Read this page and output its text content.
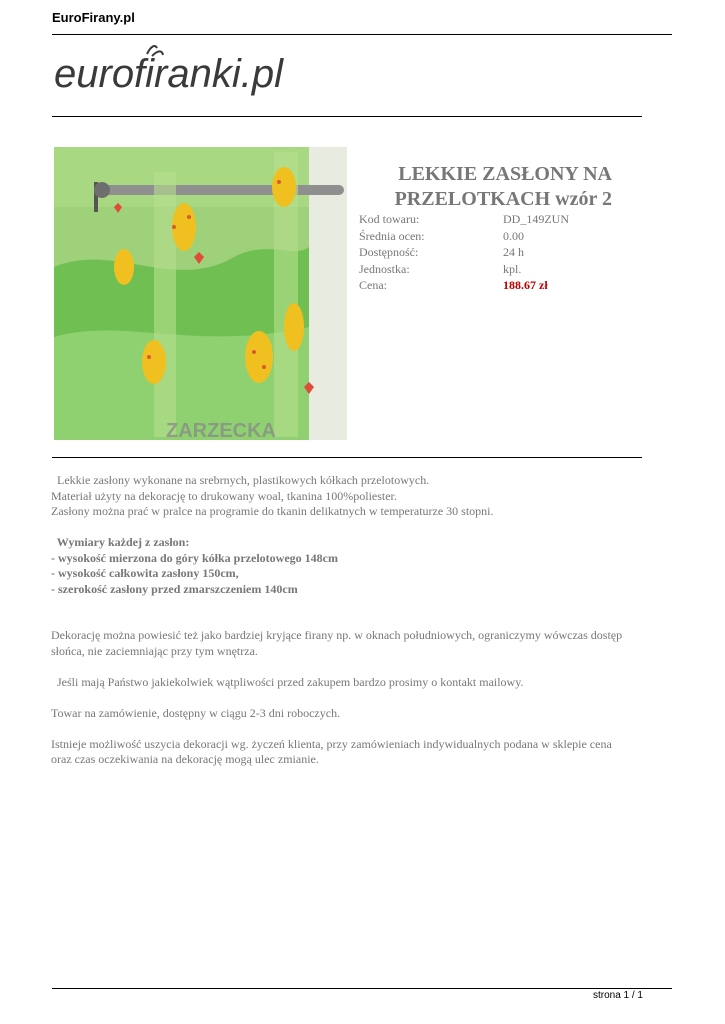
EuroFirany.pl
eurofiranki.pl
ZARZECKA
LEKKIE ZASŁONY NA
PRZELOTKACH wzór 2
Kod towaru:	DD_149ZUN
Średnia ocen:	0.00
Dostępność:	24 h
Jednostka:	kpl.
Cena:	188.67 zł

Lekkie zasłony wykonane na srebrnych, plastikowych kółkach przelotowych.

Materiał użyty na dekorację to drukowany woal, tkanina 100%poliester.

Zasłony można prać w pralce na programie do tkanin delikatnych w temperaturze 30 stopni.

Wymiary każdej z zasłon:

- wysokość mierzona do góry kółka przelotowego 148cm

- wysokość całkowita zasłony 150cm,

- szerokość zasłony przed zmarszczeniem 140cm

Dekorację można powiesić też jako bardziej kryjące firany np. w oknach południowych, ograniczymy wówczas dostęp

słońca, nie zaciemniając przy tym wnętrza.

Jeśli mają Państwo jakiekolwiek wątpliwości przed zakupem bardzo prosimy o kontakt mailowy.

Towar na zamówienie, dostępny w ciągu 2-3 dni roboczych.

Istnieje możliwość uszycia dekoracji wg. życzeń klienta, przy zamówieniach indywidualnych podana w sklepie cena

oraz czas oczekiwania na dekorację mogą ulec zmianie.

strona 1 / 1
